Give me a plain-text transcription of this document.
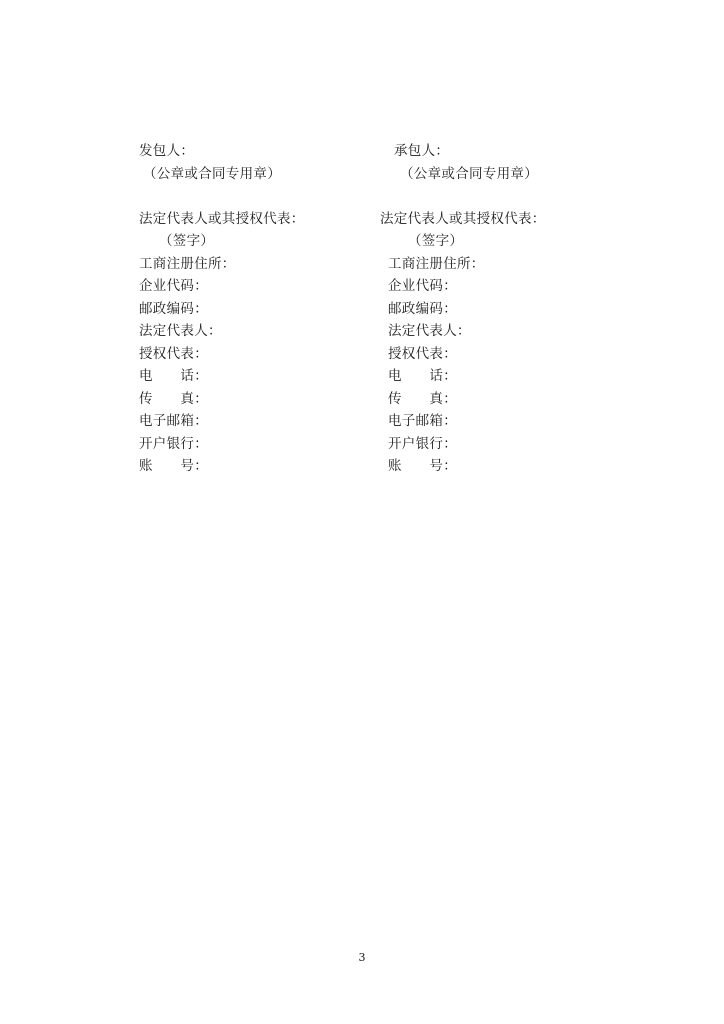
发包人：
（公章或合同专用章）
法定代表人或其授权代表：
（签字）
工商注册住所：
企业代码：
邮政编码：
法定代表人：
授权代表：
电　　话：
传　　真：
电子邮箱：
开户银行：
账　　号：
承包人：
（公章或合同专用章）
法定代表人或其授权代表：
（签字）
工商注册住所：
企业代码：
邮政编码：
法定代表人：
授权代表：
电　　话：
传　　真：
电子邮箱：
开户银行：
账　　号：
3
